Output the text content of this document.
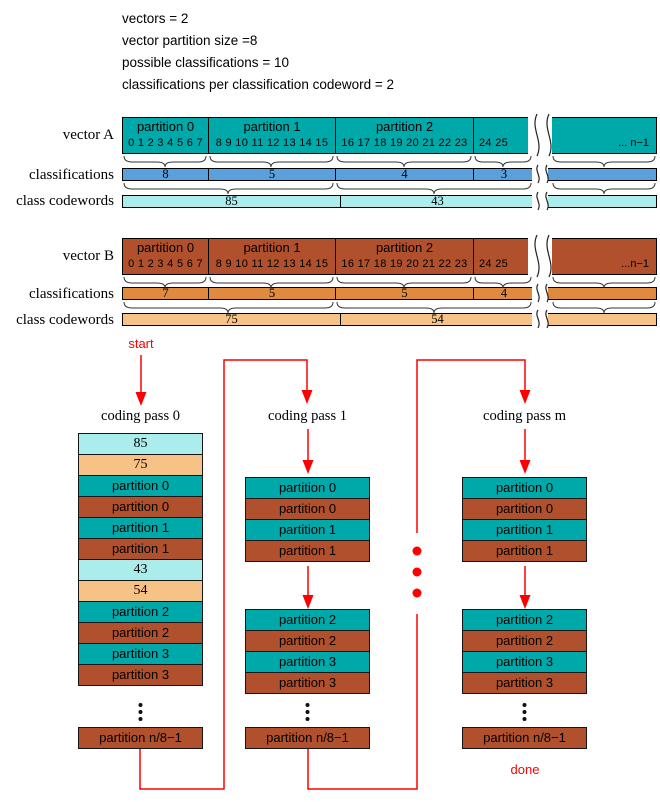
vectors = 2
vector partition size =8
possible classifications = 10
classifications per classification codeword = 2
vector A
partition 0
0 1 2 3 4 5 6 7
partition 1
8 9 10 11 12 13 14 15
partition 2
16 17 18 19 20 21 22 23	24 25	... n−1
classifications	8	5	4	3
class codewords	85	43
vector B
partition 0
0 1 2 3 4 5 6 7
partition 1
8 9 10 11 12 13 14 15
partition 2
16 17 18 19 20 21 22 23	24 25	...n−1
classifications	7	5	5	4
class codewords	75	54
start
coding pass 0
85
75
partition 0
partition 0
partition 1
partition 1
43
54
partition 2
partition 2
partition 3
partition 3
partition n/8−1
coding pass 1
partition 0
partition 0
partition 1
partition 1
partition 2
partition 2
partition 3
partition 3
partition n/8−1
coding pass m
partition 0
partition 0
partition 1
partition 1
partition 2
partition 2
partition 3
partition 3
partition n/8−1
done
